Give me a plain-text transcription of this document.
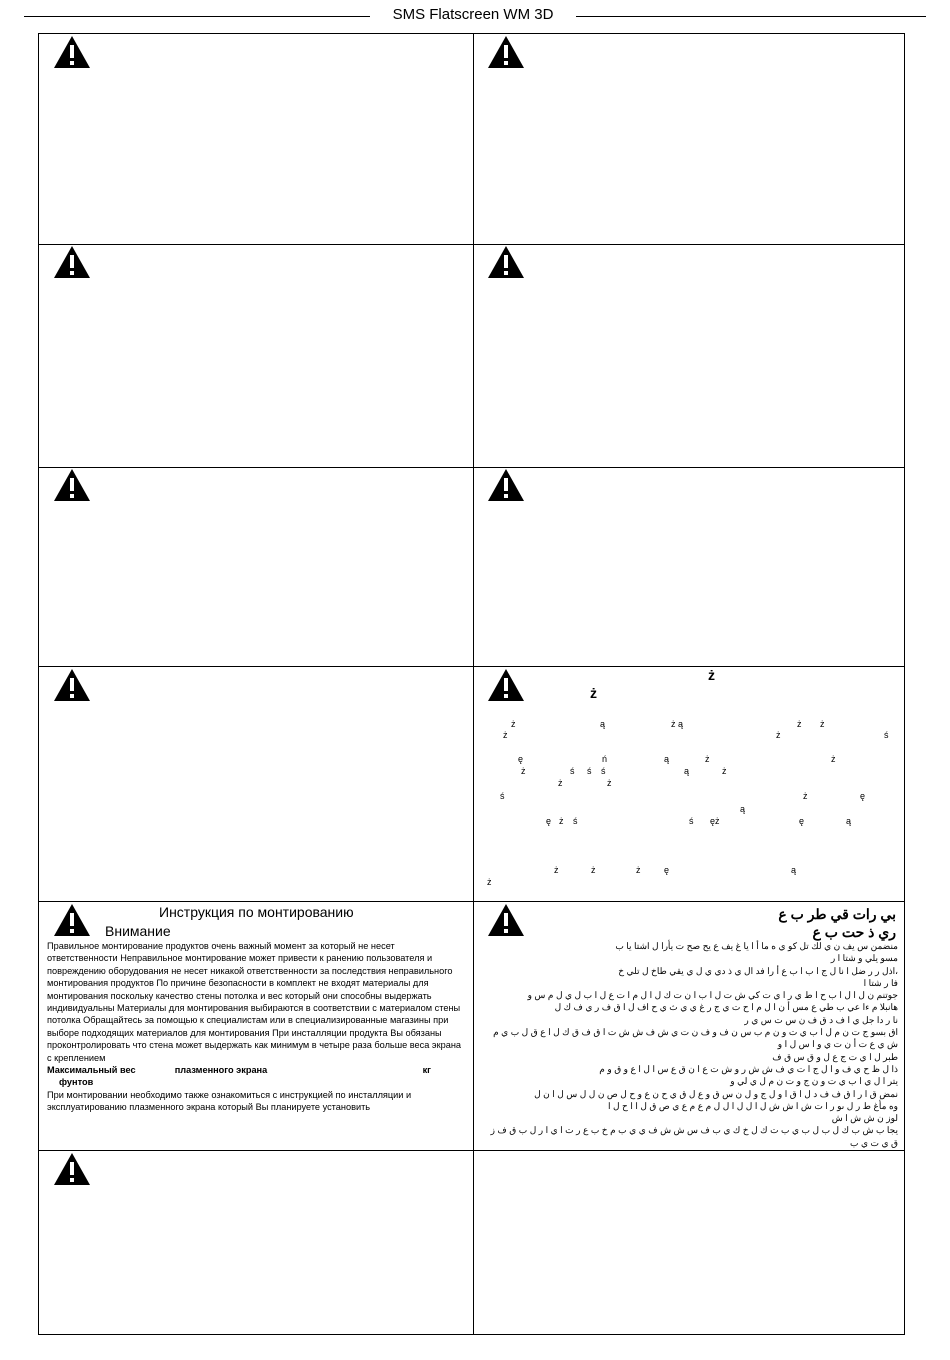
SMS Flatscreen WM 3D
ż
ż
ż	ą	ż ą	ż ż
ż	ż	ś
ę	ń	ą	ż	ż
ż	ś ś ś	ą	ż
ż	ż
ś	ż	ę
ą
ę ż ś	ś ęż	ę	ą
ż	ż	ż	ę	ą
ż
Инструкция по монтированию
Внимание

Правильное монтирование продуктов очень важный момент за который не несет ответственности Неправильное монтирование может привести к ранению пользователя и повреждению оборудования не несет никакой ответственности за последствия неправильного монтирования продуктов По причине безопасности в комплект не входят материалы для монтирования поскольку качество стены потолка и вес который они способны выдержать индивидуальны Материалы для монтирования выбираются в соответствии с материалом стены потолка Обращайтесь за помощью к специалистам или в специализированные магазины при выборе подходящих материалов для монтирования При инсталляции продукта Вы обязаны проконтролировать что стена может выдержать как минимум в четыре раза больше веса экрана с креплением

Максимальный вес	плазменного экрана	кг

фунтов

При монтировании необходимо также ознакомиться с инструкцией по инсталляции и эксплуатированию плазменного экрана который Вы планируете установить

بي رات قي طر ب ع
ري ذ حت ب ع

منضمن س يف ن ي لك تل كو ي ه ما أ ا يا غ يف ع يح صح ت يأرا ل اشتا يا ب

مسو يلي و شتا ا ر

،اذل ر ر ضل ا نا ل ج ا ب ا ب ع أ را فد ال ي ذ دي ي ل ي يقي طاخ ل تلي خ

فا ر شتا ا

جوتنم ن ل ا ل ا ب ح ا ط ي ر ا ي ت كي ش ت ل ا ب ا ن ت ك ل ا ل م ا ت ع ل ا ب ل ي ل م س و

هانبلا م ءا عي ب طي ع مس أ ن ا ل م ا ح ت ي ج ر غ ي ي ث ي ح اف ل ا ق ف ر ي ف ك ل

نا ر دا جل ي ا ف د ق ف ن س ت س ي ر

اق بسو ج ت ن م ل ا ب ي ت و ن م ب س ن ف و ف ن ت ي ش ف ش ش ت ا ق ف ق ك ل ا ع ق ل ب ي م ش ي ع ت أ ن ت ي و ا س ل ا و

طبر ل ا ي ت ج ع ل و ق س ق ف

ذا ل ظ ح ي ف و ا ل ج ا ت ي ف ش ش ر و ش ت ع ا ن ق ع س ا ل ا ع و ق و م

يتر ا ل ي ا ب ي ت و ن ج و ت ن م ل ي لي و

نمض ق ا ر ا ق ف ف د ل ا ق ا و ل ج و ل ن س ق و ع ل ق ي ح ن ع و ح ل ص ن ل ل س ل ا ن ل

وه مأغ ط ر ل ىو ر ا ت ش ا ش ش ل ا ل ل ا ل ل م ع م ع ي ص ق ل ا ا ح ل ا

لوز ن ش ش ا ش

يجا ب ش ب ك ل ب ل ب ي ب ت ك ل خ ك ي ب ف س ش ش ف ي ي ب م خ ب ع ر ت ا ي ا ر ل ب ق ف ز ق ي ت ي ب
